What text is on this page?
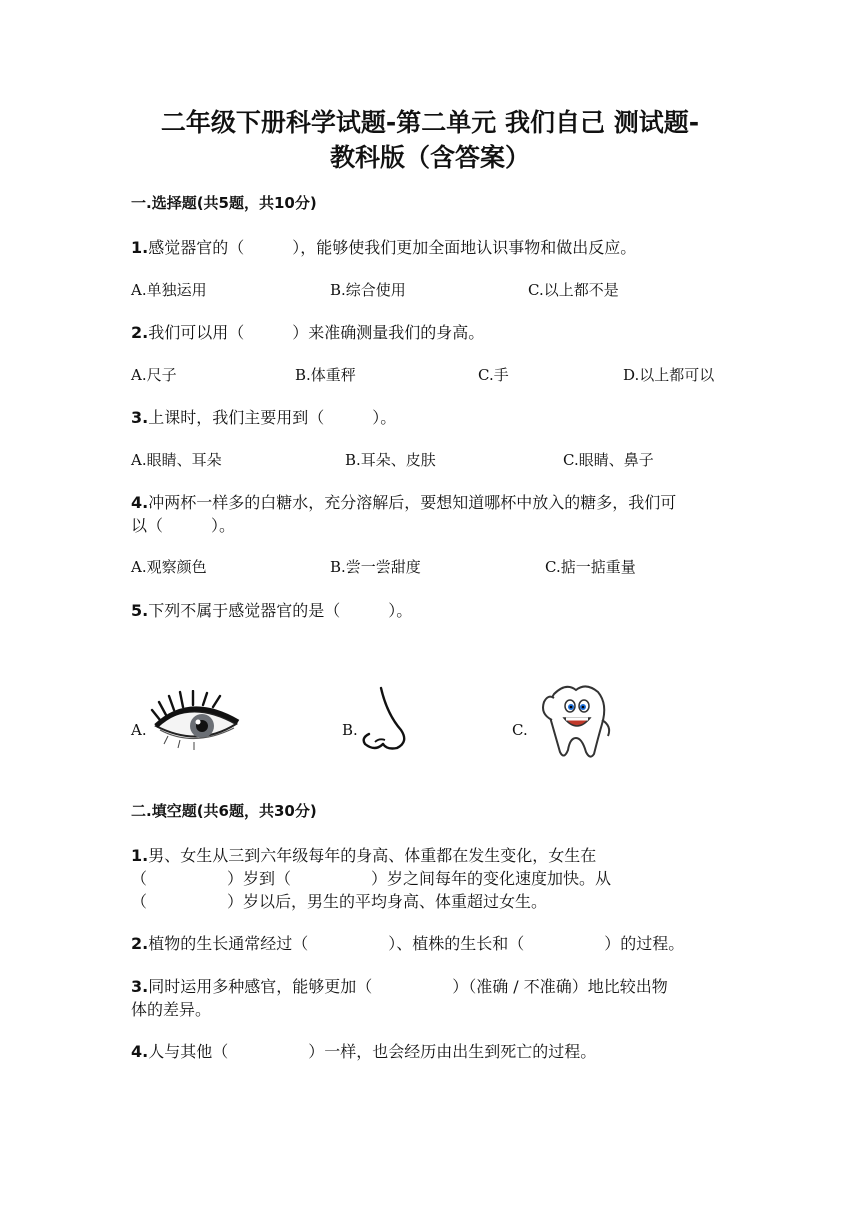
二年级下册科学试题-第二单元 我们自己 测试题-
教科版（含答案）
一.选择题(共5题，共10分)
1.感觉器官的（　　　），能够使我们更加全面地认识事物和做出反应。
A.单独运用	B.综合使用	C.以上都不是
2.我们可以用（　　　）来准确测量我们的身高。
A.尺子	B.体重秤	C.手	D.以上都可以
3.上课时，我们主要用到（　　　）。
A.眼睛、耳朵	B.耳朵、皮肤	C.眼睛、鼻子
4.冲两杯一样多的白糖水，充分溶解后，要想知道哪杯中放入的糖多，我们可
以（　　　）。
A.观察颜色	B.尝一尝甜度	C.掂一掂重量
5.下列不属于感觉器官的是（　　　）。
A.	B.	C.
二.填空题(共6题，共30分)
1.男、女生从三到六年级每年的身高、体重都在发生变化，女生在
（　　　　　）岁到（　　　　　）岁之间每年的变化速度加快。从
（　　　　　）岁以后，男生的平均身高、体重超过女生。
2.植物的生长通常经过（　　　　　）、植株的生长和（　　　　　）的过程。
3.同时运用多种感官，能够更加（　　　　　）（准确 / 不准确）地比较出物
体的差异。
4.人与其他（　　　　　）一样，也会经历由出生到死亡的过程。
